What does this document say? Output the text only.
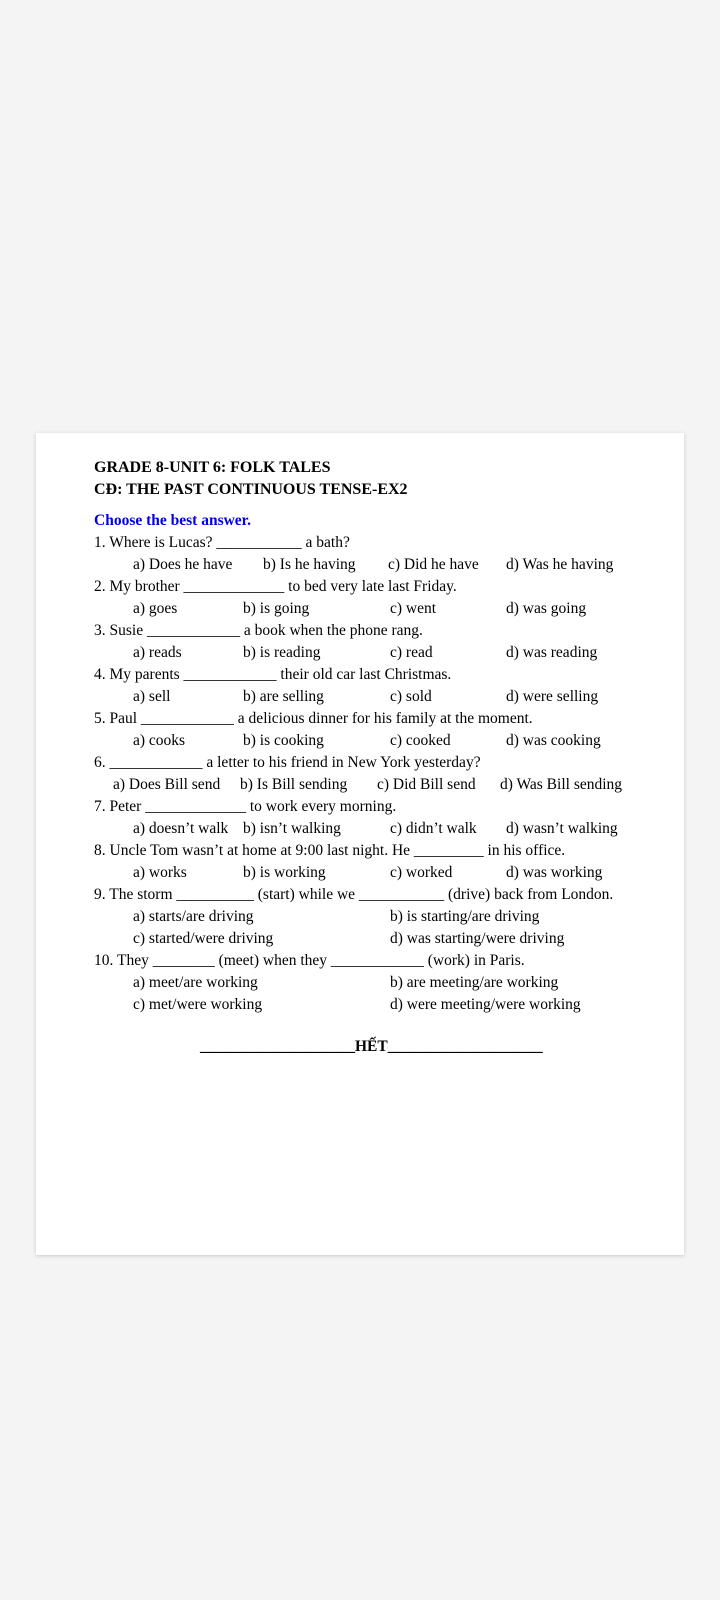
GRADE 8-UNIT 6: FOLK TALES
CĐ: THE PAST CONTINUOUS TENSE-EX2
Choose the best answer.
1. Where is Lucas? ___________ a bath?
a) Does he have	b) Is he having	c) Did he have	d) Was he having
2. My brother _____________ to bed very late last Friday.
a) goes	b) is going	c) went	d) was going
3. Susie ____________ a book when the phone rang.
a) reads	b) is reading	c) read	d) was reading
4. My parents ____________ their old car last Christmas.
a) sell	b) are selling	c) sold	d) were selling
5. Paul ____________ a delicious dinner for his family at the moment.
a) cooks	b) is cooking	c) cooked	d) was cooking
6. ____________ a letter to his friend in New York yesterday?
a) Does Bill send	b) Is Bill sending	c) Did Bill send	d) Was Bill sending
7. Peter _____________ to work every morning.
a) doesn’t walk b) isn’t walking	c) didn’t walk	d) wasn’t walking
8. Uncle Tom wasn’t at home at 9:00 last night. He _________ in his office.
a) works	b) is working	c) worked	d) was working
9. The storm __________ (start) while we ___________ (drive) back from London.
a) starts/are driving	b) is starting/are driving
c) started/were driving	d) was starting/were driving
10. They ________ (meet) when they ____________ (work) in Paris.
a) meet/are working	b) are meeting/are working
c) met/were working	d) were meeting/were working
____________________HẾT____________________
